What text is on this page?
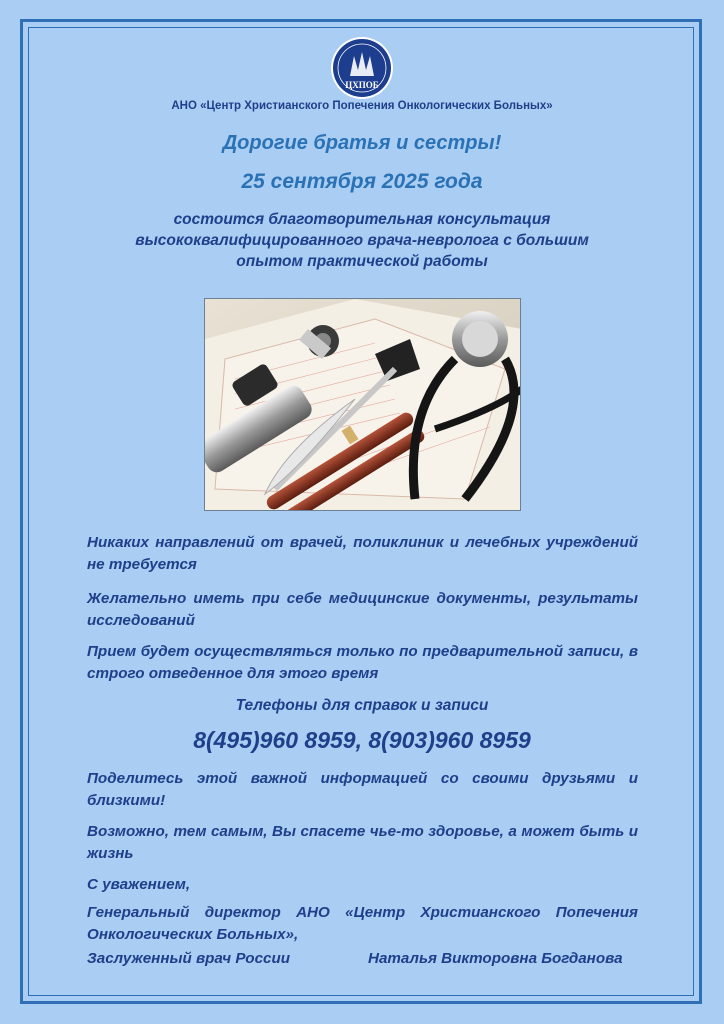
ЦХПОБ
АНО «Центр Христианского Попечения Онкологических Больных»
Дорогие братья и сестры!
25 сентября 2025 года
состоится благотворительная консультация высококвалифицированного врача-невролога с большим опытом практической работы
Никаких направлений от врачей, поликлиник и лечебных учреждений не требуется
Желательно иметь при себе медицинские документы, результаты исследований
Прием будет осуществляться только по предварительной записи, в строго отведенное для этого время
Телефоны для справок и записи
8(495)960 8959, 8(903)960 8959
Поделитесь этой важной информацией со своими друзьями и близкими!
Возможно, тем самым, Вы спасете чье-то здоровье, а может быть и жизнь
С уважением,
Генеральный директор АНО «Центр Христианского Попечения Онкологических Больных»,
Заслуженный врач России	Наталья Викторовна Богданова
